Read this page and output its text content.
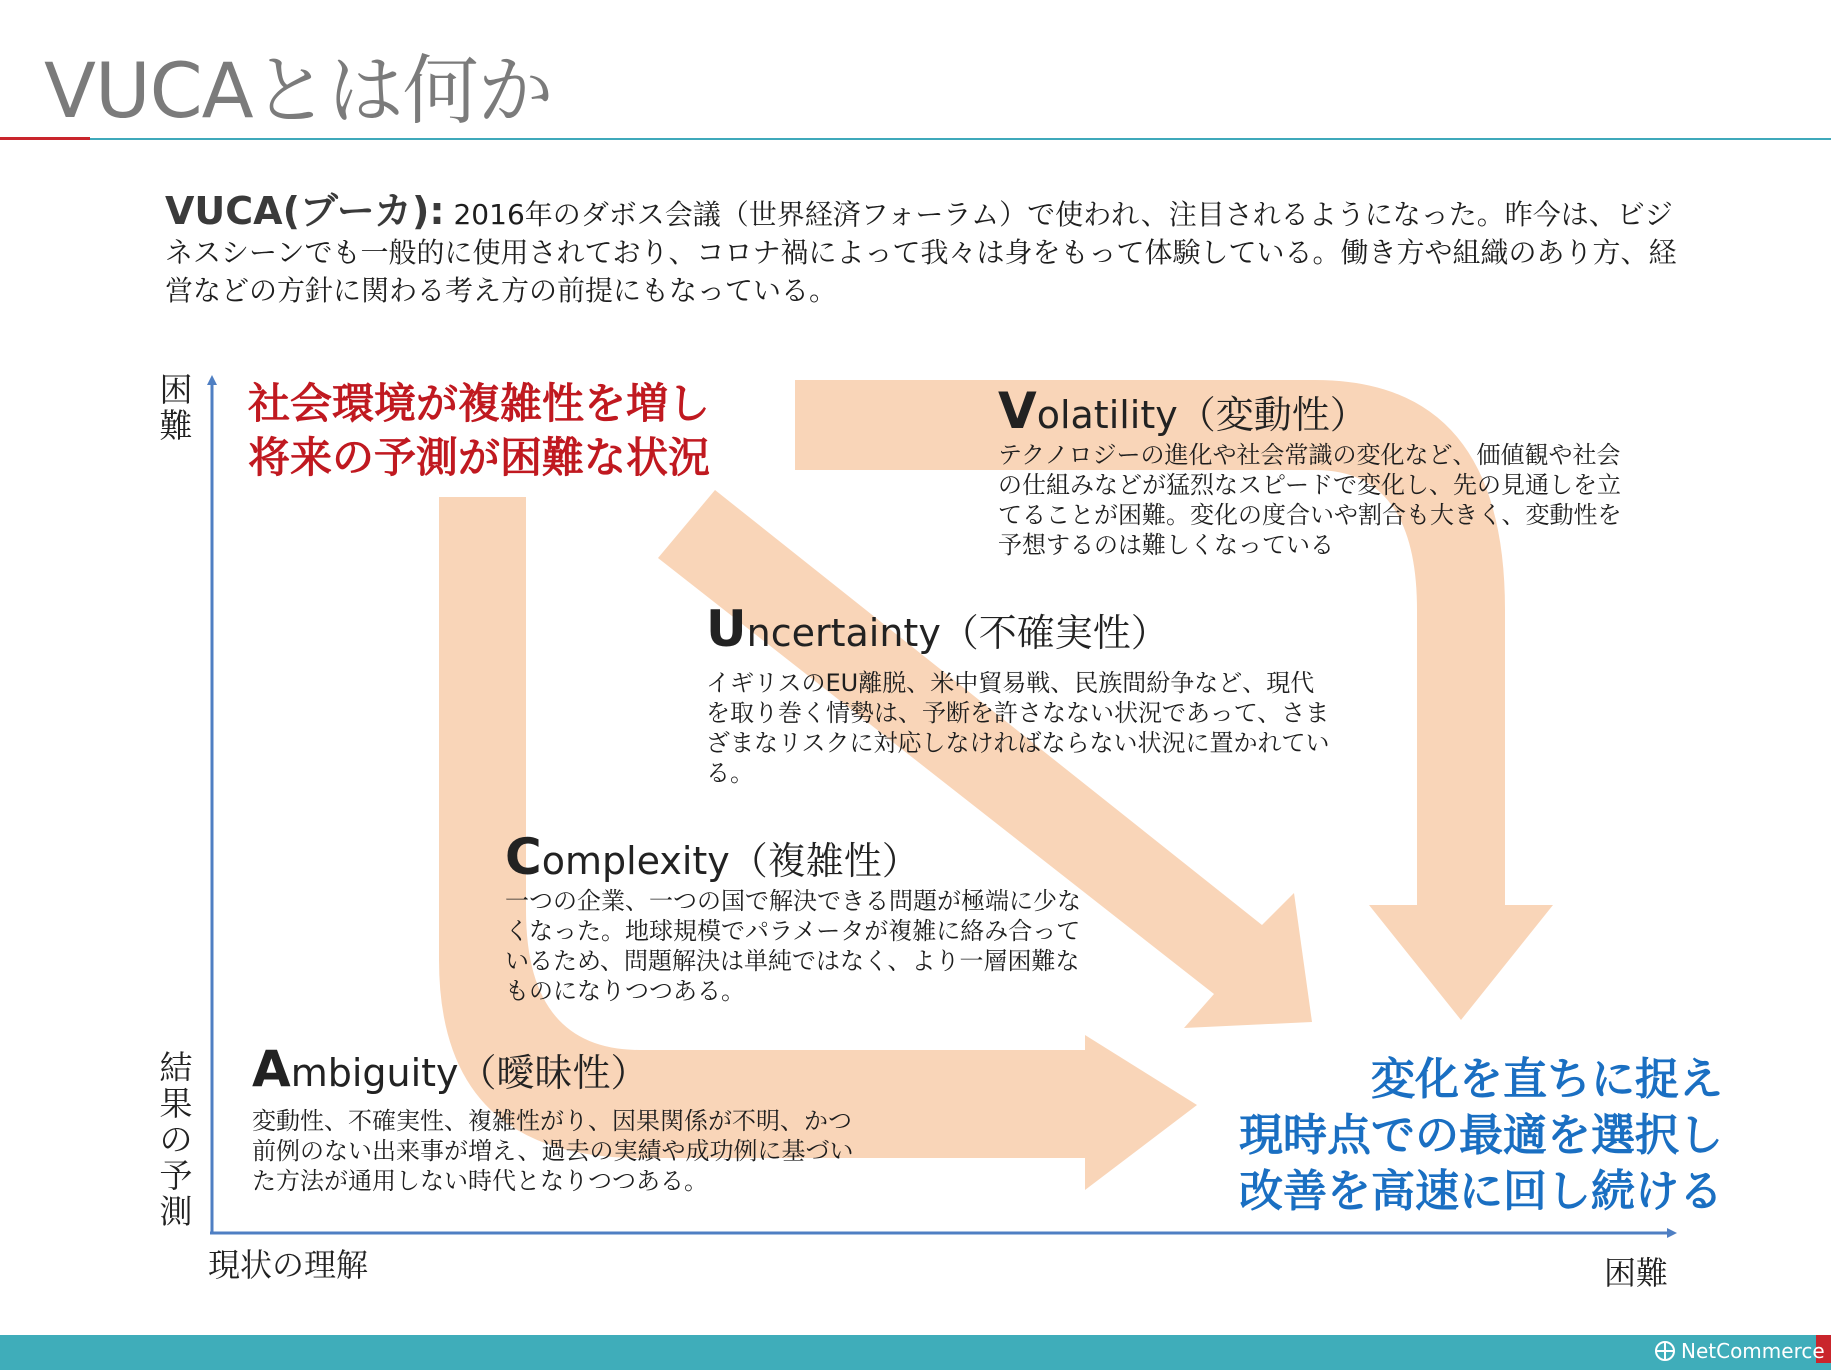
VUCAとは何か
VUCA(ブーカ): 2016年のダボス会議（世界経済フォーラム）で使われ、注目されるようになった。昨今は、ビジネスシーンでも一般的に使用されており、コロナ禍によって我々は身をもって体験している。働き方や組織のあり方、経営などの方針に関わる考え方の前提にもなっている。
困難
結果の予測
現状の理解	困難
社会環境が複雑性を増し
将来の予測が困難な状況
Volatility（変動性）
テクノロジーの進化や社会常識の変化など、価値観や社会の仕組みなどが猛烈なスピードで変化し、先の見通しを立てることが困難。変化の度合いや割合も大きく、変動性を予想するのは難しくなっている
Uncertainty（不確実性）
イギリスのEU離脱、米中貿易戦、民族間紛争など、現代を取り巻く情勢は、予断を許さなない状況であって、さまざまなリスクに対応しなければならない状況に置かれている。
Complexity（複雑性）
一つの企業、一つの国で解決できる問題が極端に少なくなった。地球規模でパラメータが複雑に絡み合っているため、問題解決は単純ではなく、より一層困難なものになりつつある。
Ambiguity（曖昧性）
変動性、不確実性、複雑性がり、因果関係が不明、かつ前例のない出来事が増え、過去の実績や成功例に基づいた方法が通用しない時代となりつつある。
変化を直ちに捉え
現時点での最適を選択し
改善を高速に回し続ける
NetCommerce
